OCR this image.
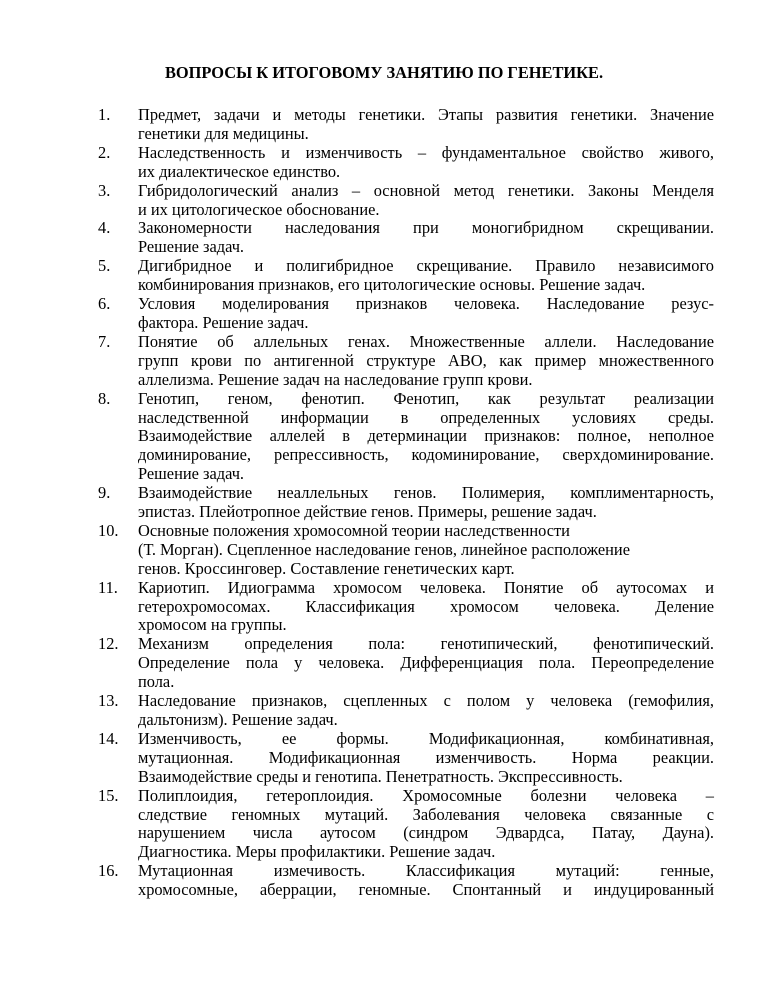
ВОПРОСЫ К ИТОГОВОМУ ЗАНЯТИЮ ПО ГЕНЕТИКЕ.
1.	Предмет, задачи и методы генетики. Этапы развития генетики. Значение
генетики для медицины.
2.	Наследственность и изменчивость – фундаментальное свойство живого,
их диалектическое единство.
3.	Гибридологический анализ – основной метод генетики. Законы Менделя
и их цитологическое обоснование.
4.	Закономерности наследования при моногибридном скрещивании.
Решение задач.
5.	Дигибридное и полигибридное скрещивание. Правило независимого
комбинирования признаков, его цитологические основы. Решение задач.
6.	Условия моделирования признаков человека. Наследование резус-
фактора. Решение задач.
7.	Понятие об аллельных генах. Множественные аллели. Наследование
групп крови по антигенной структуре АВО, как пример множественного
аллелизма. Решение задач на наследование групп крови.
8.	Генотип, геном, фенотип. Фенотип, как результат реализации
наследственной информации в определенных условиях среды.
Взаимодействие аллелей в детерминации признаков: полное, неполное
доминирование, репрессивность, кодоминирование, сверхдоминирование.
Решение задач.
9.	Взаимодействие неаллельных генов. Полимерия, комплиментарность,
эпистаз. Плейотропное действие генов. Примеры, решение задач.
10.	Основные положения хромосомной теории наследственности
(Т. Морган). Сцепленное наследование генов, линейное расположение
генов. Кроссинговер. Составление генетических карт.
11.	Кариотип. Идиограмма хромосом человека. Понятие об аутосомах и
гетерохромосомах. Классификация хромосом человека. Деление
хромосом на группы.
12.	Механизм определения пола: генотипический, фенотипический.
Определение пола у человека. Дифференциация пола. Переопределение
пола.
13.	Наследование признаков, сцепленных с полом у человека (гемофилия,
дальтонизм). Решение задач.
14.	Изменчивость, ее формы. Модификационная, комбинативная,
мутационная. Модификационная изменчивость. Норма реакции.
Взаимодействие среды и генотипа. Пенетратность. Экспрессивность.
15.	Полиплоидия, гетероплоидия. Хромосомные болезни человека –
следствие геномных мутаций. Заболевания человека связанные с
нарушением числа аутосом (синдром Эдвардса, Патау, Дауна).
Диагностика. Меры профилактики. Решение задач.
16.	Мутационная измечивость. Классификация мутаций: генные,
хромосомные, аберрации, геномные. Спонтанный и индуцированный
